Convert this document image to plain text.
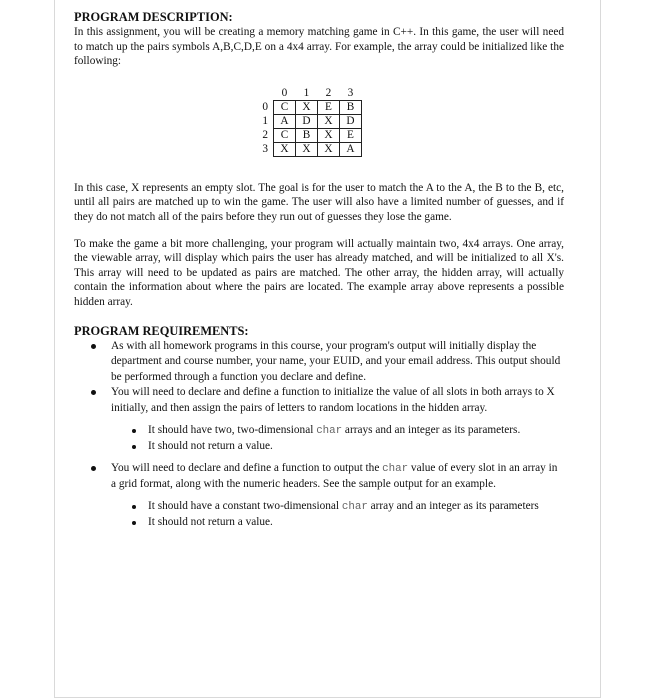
PROGRAM DESCRIPTION:

In this assignment, you will be creating a memory matching game in C++. In this game, the user will need to match up the pairs symbols A,B,C,D,E on a 4x4 array. For example, the array could be initialized like the following:

	0	1	2	3
0	C	X	E	B
1	A	D	X	D
2	C	B	X	E
3	X	X	X	A

In this case, X represents an empty slot. The goal is for the user to match the A to the A, the B to the B, etc, until all pairs are matched up to win the game. The user will also have a limited number of guesses, and if they do not match all of the pairs before they run out of guesses they lose the game.

To make the game a bit more challenging, your program will actually maintain two, 4x4 arrays. One array, the viewable array, will display which pairs the user has already matched, and will be initialized to all X's. This array will need to be updated as pairs are matched. The other array, the hidden array, will actually contain the information about where the pairs are located. The example array above represents a possible hidden array.

PROGRAM REQUIREMENTS:
As with all homework programs in this course, your program's output will initially display the department and course number, your name, your EUID, and your email address. This output should be performed through a function you declare and define.
You will need to declare and define a function to initialize the value of all slots in both arrays to X initially, and then assign the pairs of letters to random locations in the hidden array.
It should have two, two-dimensional char arrays and an integer as its parameters.
It should not return a value.
You will need to declare and define a function to output the char value of every slot in an array in a grid format, along with the numeric headers. See the sample output for an example.
It should have a constant two-dimensional char array and an integer as its parameters
It should not return a value.
